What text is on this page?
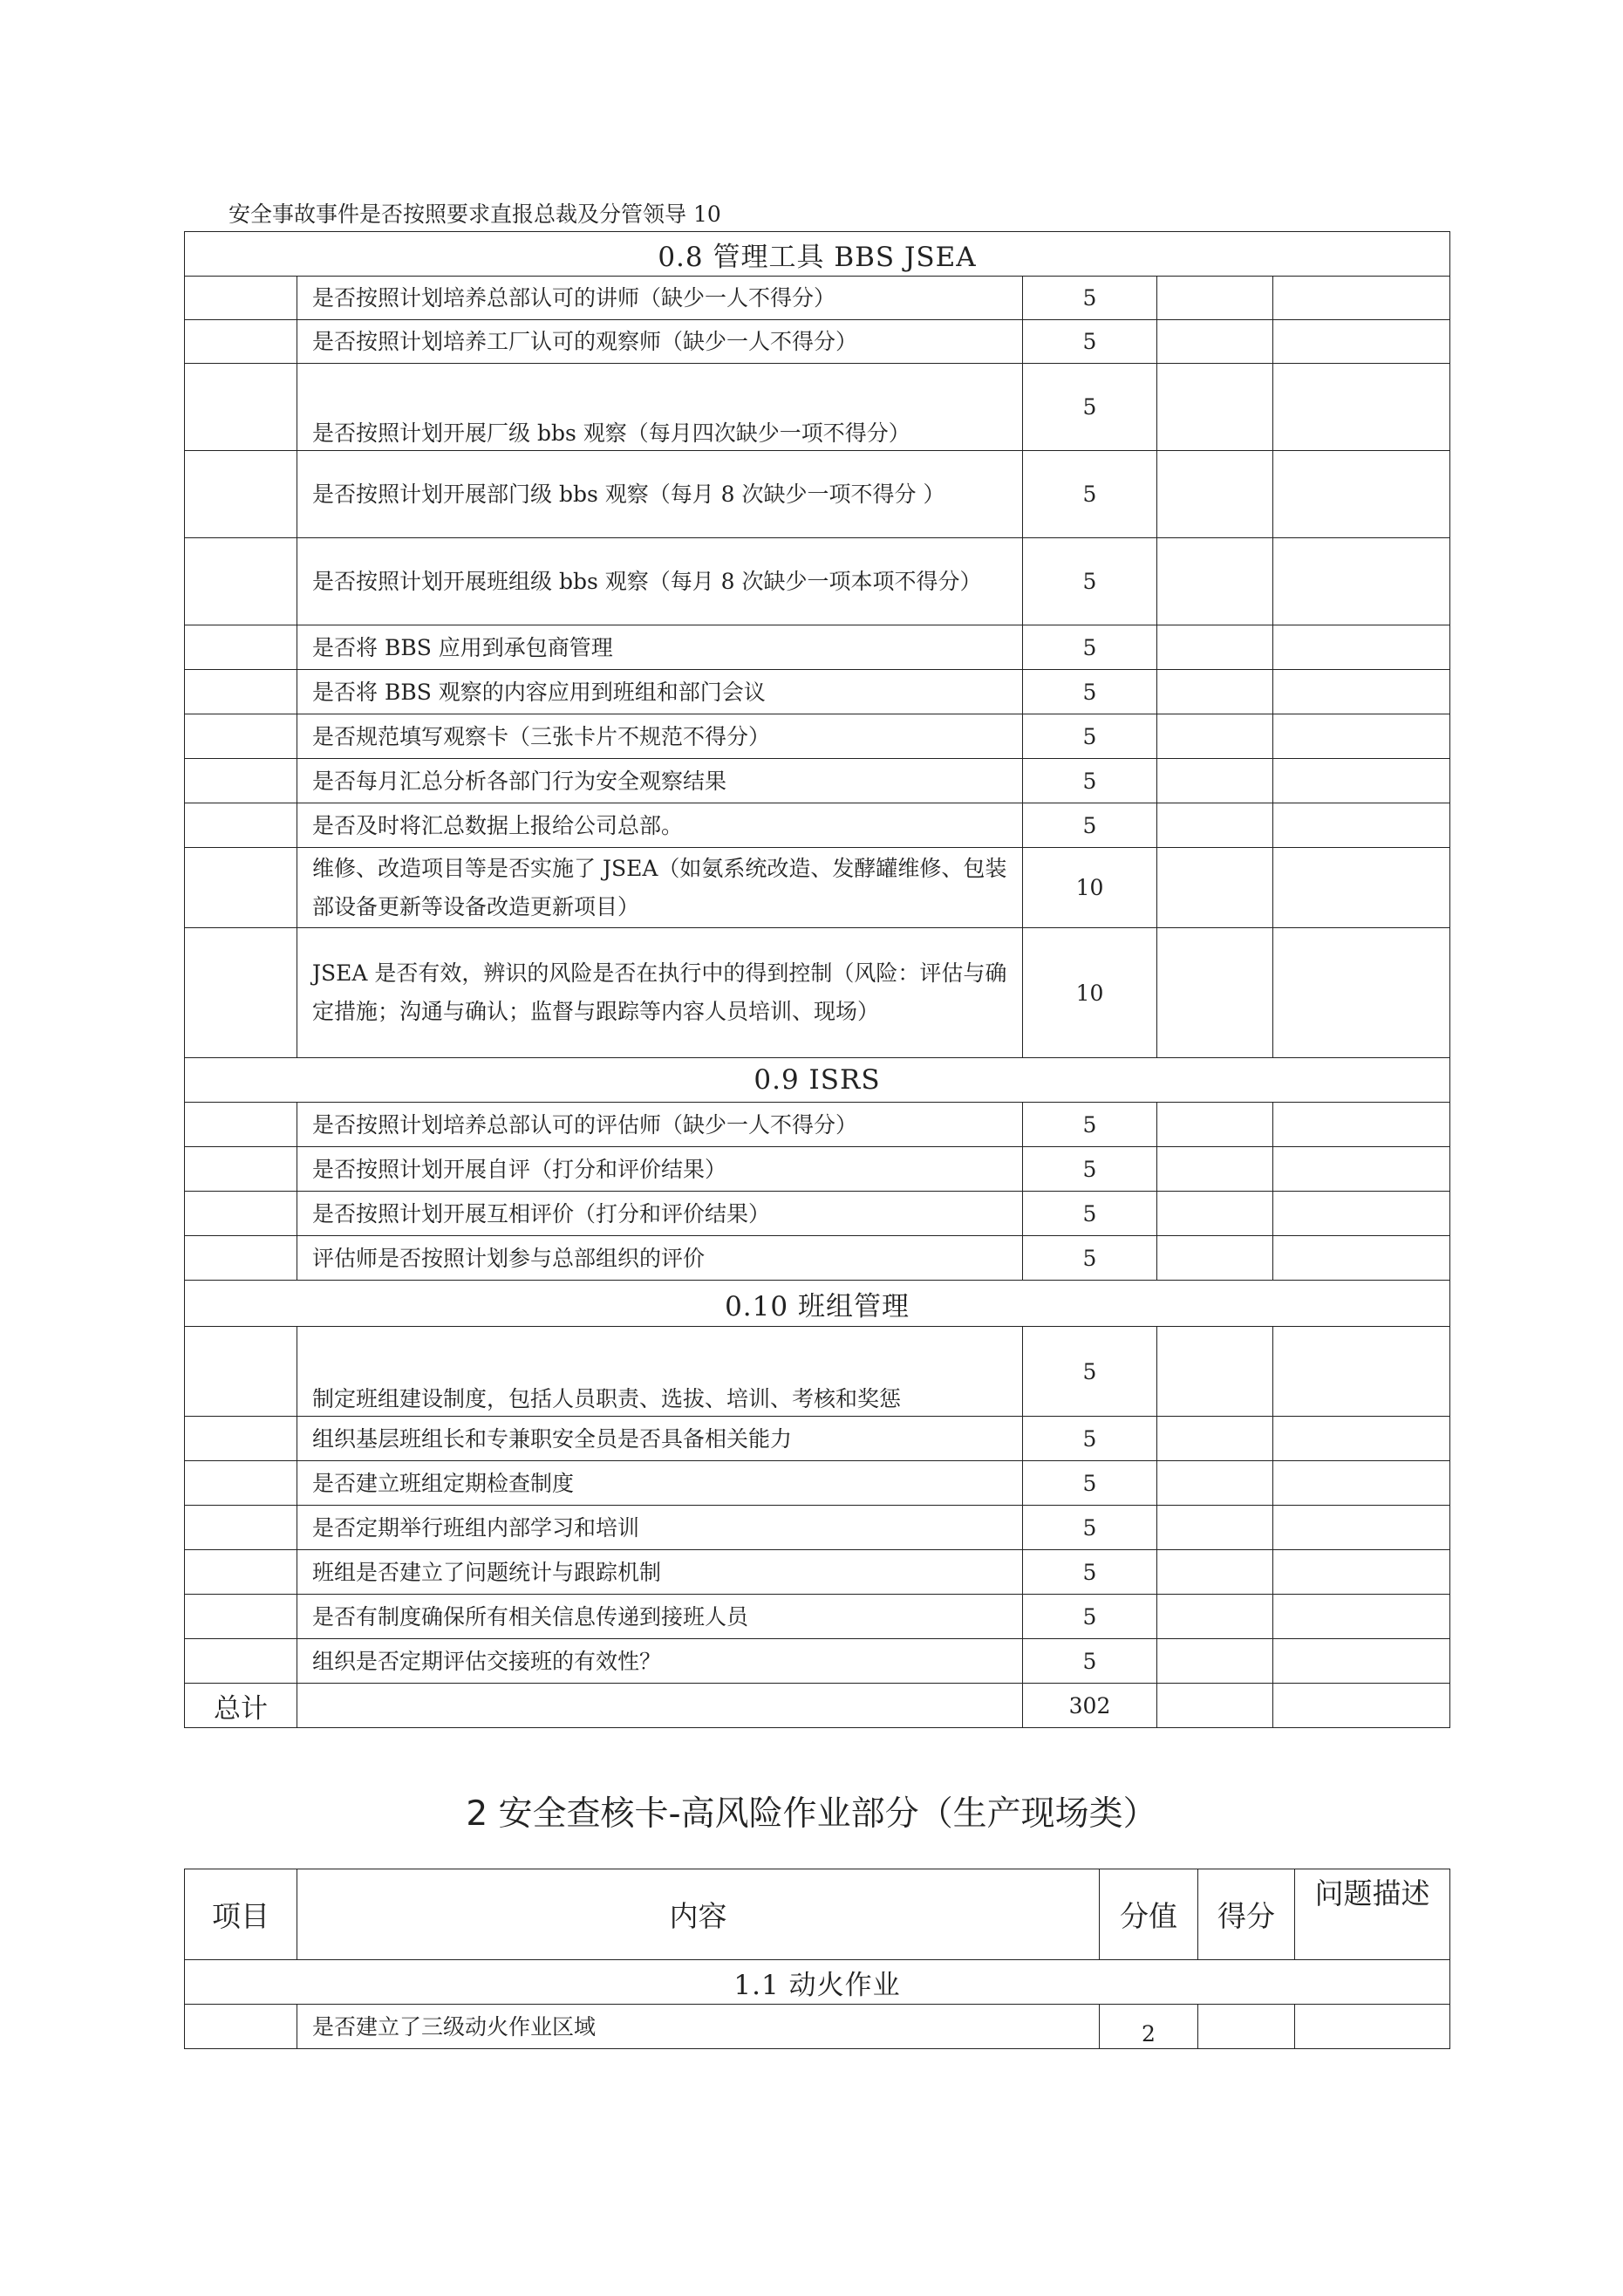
安全事故事件是否按照要求直报总裁及分管领导 10
0.8 管理工具 BBS JSEA				
	是否按照计划培养总部认可的讲师（缺少一人不得分）	5		
	是否按照计划培养工厂认可的观察师（缺少一人不得分）	5		
	是否按照计划开展厂级 bbs 观察（每月四次缺少一项不得分）	5		
	是否按照计划开展部门级 bbs 观察（每月 8 次缺少一项不得分 ）	5		
	是否按照计划开展班组级 bbs 观察（每月 8 次缺少一项本项不得分）	5		
	是否将 BBS 应用到承包商管理	5		
	是否将 BBS 观察的内容应用到班组和部门会议	5		
	是否规范填写观察卡（三张卡片不规范不得分）	5		
	是否每月汇总分析各部门行为安全观察结果	5		
	是否及时将汇总数据上报给公司总部。	5		
	维修、改造项目等是否实施了 JSEA（如氨系统改造、发酵罐维修、包装部设备更新等设备改造更新项目）	10		
	JSEA 是否有效，辨识的风险是否在执行中的得到控制（风险：评估与确定措施；沟通与确认；监督与跟踪等内容人员培训、现场）	10		
0.9 ISRS				
	是否按照计划培养总部认可的评估师（缺少一人不得分）	5		
	是否按照计划开展自评（打分和评价结果）	5		
	是否按照计划开展互相评价（打分和评价结果）	5		
	评估师是否按照计划参与总部组织的评价	5		
0.10 班组管理				
	制定班组建设制度，包括人员职责、选拔、培训、考核和奖惩	5		
	组织基层班组长和专兼职安全员是否具备相关能力	5		
	是否建立班组定期检查制度	5		
	是否定期举行班组内部学习和培训	5		
	班组是否建立了问题统计与跟踪机制	5		
	是否有制度确保所有相关信息传递到接班人员	5		
	组织是否定期评估交接班的有效性？	5		
总计		302		
2 安全查核卡-高风险作业部分（生产现场类）
项目	内容	分值	得分	问题描述
1.1 动火作业				
	是否建立了三级动火作业区域	2		
